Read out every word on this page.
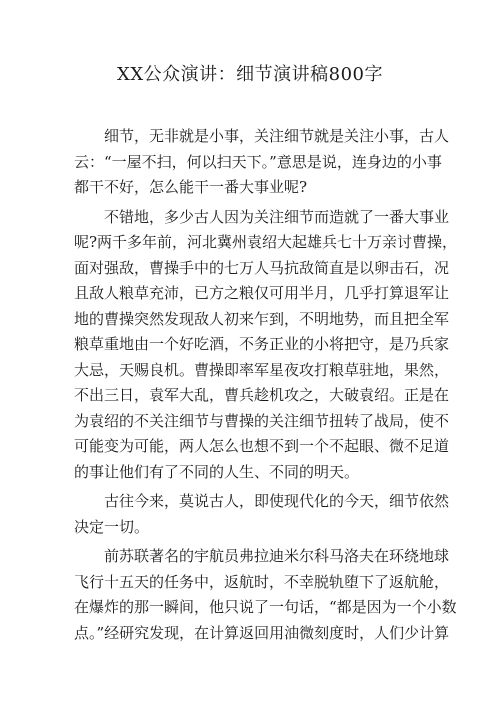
XX公众演讲：细节演讲稿800字
细节，无非就是小事，关注细节就是关注小事，古人
云：“一屋不扫，何以扫天下。”意思是说，连身边的小事
都干不好，怎么能干一番大事业呢?
不错地，多少古人因为关注细节而造就了一番大事业
呢?两千多年前，河北冀州袁绍大起雄兵七十万亲讨曹操，
面对强敌，曹操手中的七万人马抗敌简直是以卵击石，况
且敌人粮草充沛，已方之粮仅可用半月，几乎打算退军让
地的曹操突然发现敌人初来乍到，不明地势，而且把全军
粮草重地由一个好吃酒，不务正业的小将把守，是乃兵家
大忌，天赐良机。曹操即率军星夜攻打粮草驻地，果然，
不出三日，袁军大乱，曹兵趁机攻之，大破袁绍。正是在
为袁绍的不关注细节与曹操的关注细节扭转了战局，使不
可能变为可能，两人怎么也想不到一个不起眼、微不足道
的事让他们有了不同的人生、不同的明天。
古往今来，莫说古人，即使现代化的今天，细节依然
决定一切。
前苏联著名的宇航员弗拉迪米尔科马洛夫在环绕地球
飞行十五天的任务中，返航时，不幸脱轨堕下了返航舱，
在爆炸的那一瞬间，他只说了一句话，“都是因为一个小数
点。”经研究发现，在计算返回用油微刻度时，人们少计算
